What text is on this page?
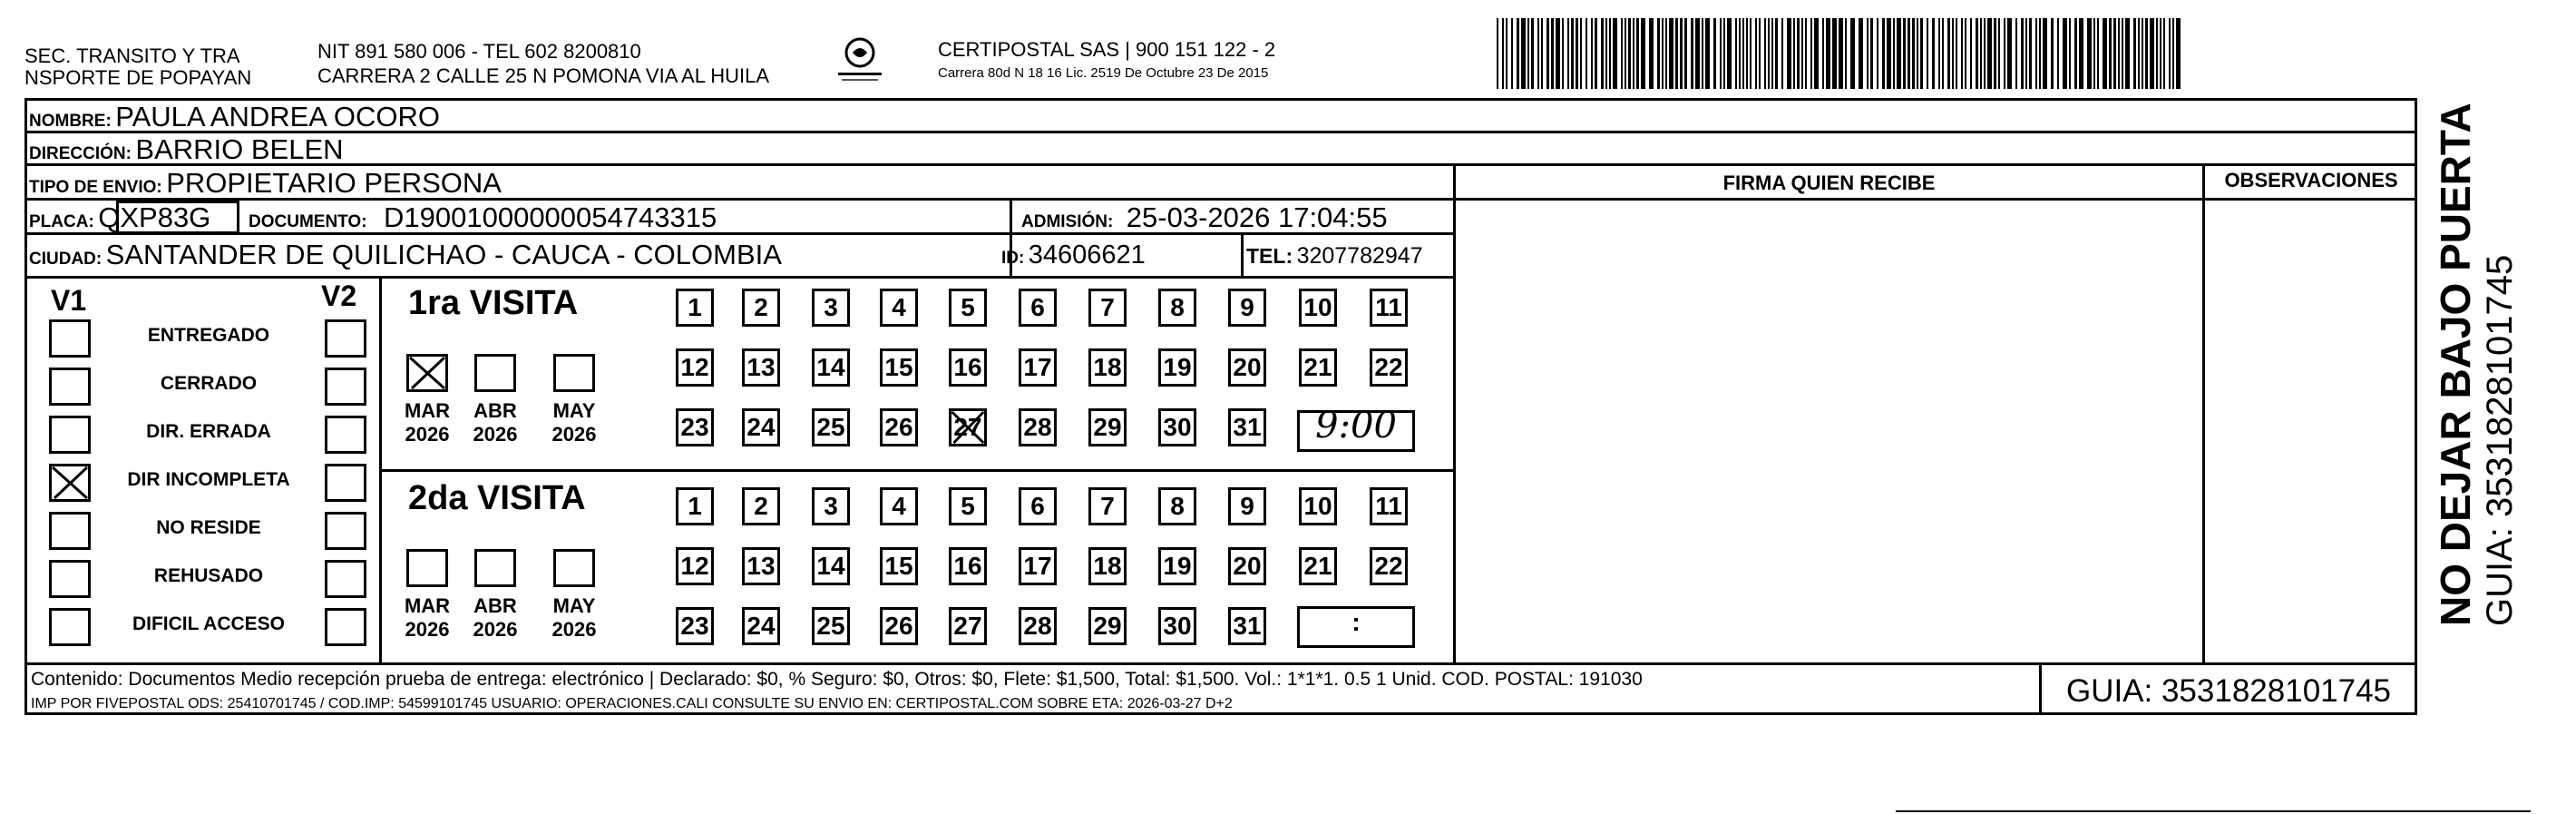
SEC. TRANSITO Y TRA
NSPORTE DE POPAYAN
NIT 891 580 006 - TEL 602 8200810
CARRERA 2 CALLE 25 N POMONA VIA AL HUILA
CERTIPOSTAL SAS | 900 151 122 - 2
Carrera 80d N 18 16 Lic. 2519 De Octubre 23 De 2015
NOMBRE: PAULA ANDREA OCORO
DIRECCIÓN: BARRIO BELEN
TIPO DE ENVIO: PROPIETARIO PERSONA	FIRMA QUIEN RECIBE	OBSERVACIONES
PLACA: QXP83G DOCUMENTO: D19001000000054743315	ADMISIÓN: 25-03-2026 17:04:55
CIUDAD: SANTANDER DE QUILICHAO - CAUCA - COLOMBIA	ID: 34606621	TEL: 3207782947
V1	V2
ENTREGADO
CERRADO
DIR. ERRADA
DIR INCOMPLETA
NO RESIDE
REHUSADO
DIFICIL ACCESO
1ra VISITA
MAR
2026
ABR
2026
MAY
2026
1	2	3	4	5	6	7	8	9	10 11
12 13 14 15 16 17 18 19 20 21 22
23 24 25 26 27 28 29 30 31	9:00
2da VISITA
MAR
2026
ABR
2026
MAY
2026
1	2	3	4	5	6	7	8	9	10 11
12 13 14 15 16 17 18 19 20 21 22
23 24 25 26 27 28 29 30 31	:
Contenido: Documentos Medio recepción prueba de entrega: electrónico | Declarado: $0, % Seguro: $0, Otros: $0, Flete: $1,500, Total: $1,500. Vol.: 1*1*1. 0.5 1 Unid. COD. POSTAL: 191030
IMP POR FIVEPOSTAL ODS: 25410701745 / COD.IMP: 54599101745 USUARIO: OPERACIONES.CALI CONSULTE SU ENVIO EN: CERTIPOSTAL.COM SOBRE ETA: 2026-03-27 D+2	GUIA: 3531828101745
NO DEJAR BAJO PUERTA GUIA: 3531828101745
